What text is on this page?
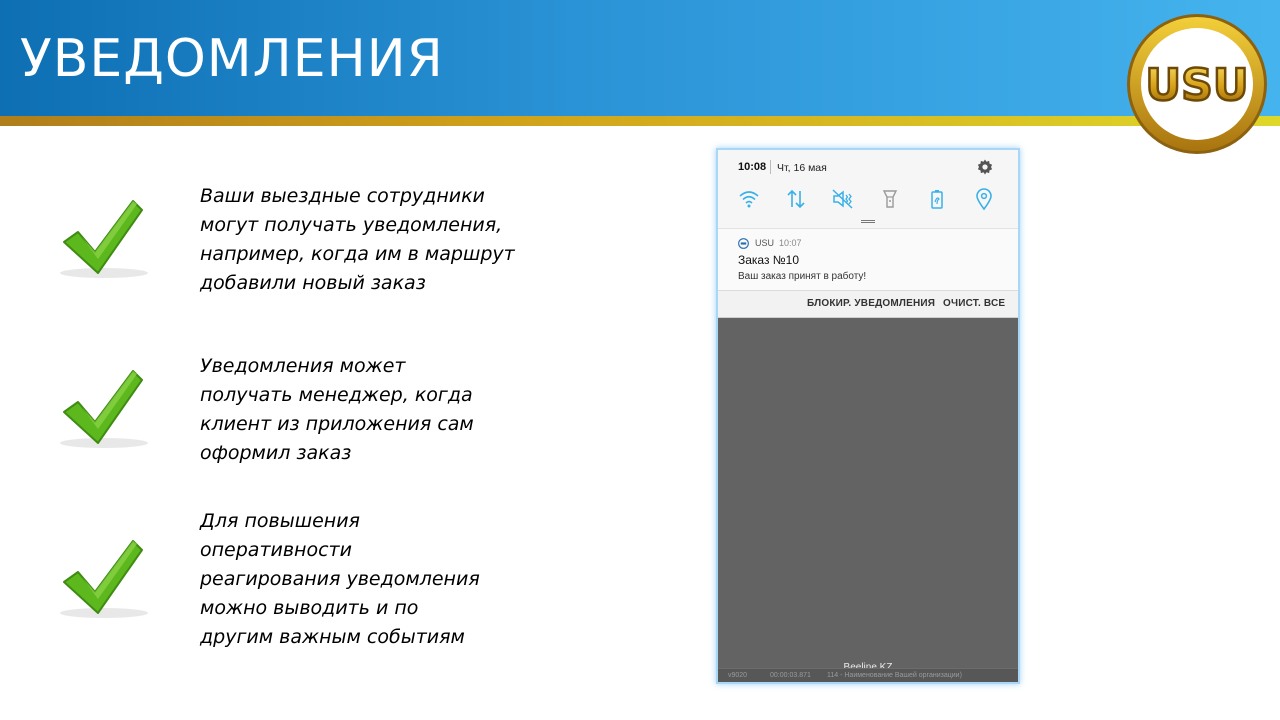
УВЕДОМЛЕНИЯ	USU
Ваши выездные сотрудники
могут получать уведомления,
например, когда им в маршрут
добавили новый заказ
Уведомления может
получать менеджер, когда
клиент из приложения сам
оформил заказ
Для повышения
оперативности
реагирования уведомления
можно выводить и по
другим важным событиям
10:08 Чт, 16 мая
USU 10:07
Заказ №10
Ваш заказ принят в работу!
БЛОКИР. УВЕДОМЛЕНИЯ ОЧИСТ. ВСЕ
v9020	00:00:03.871 114 - Наименование Вашей организации)
